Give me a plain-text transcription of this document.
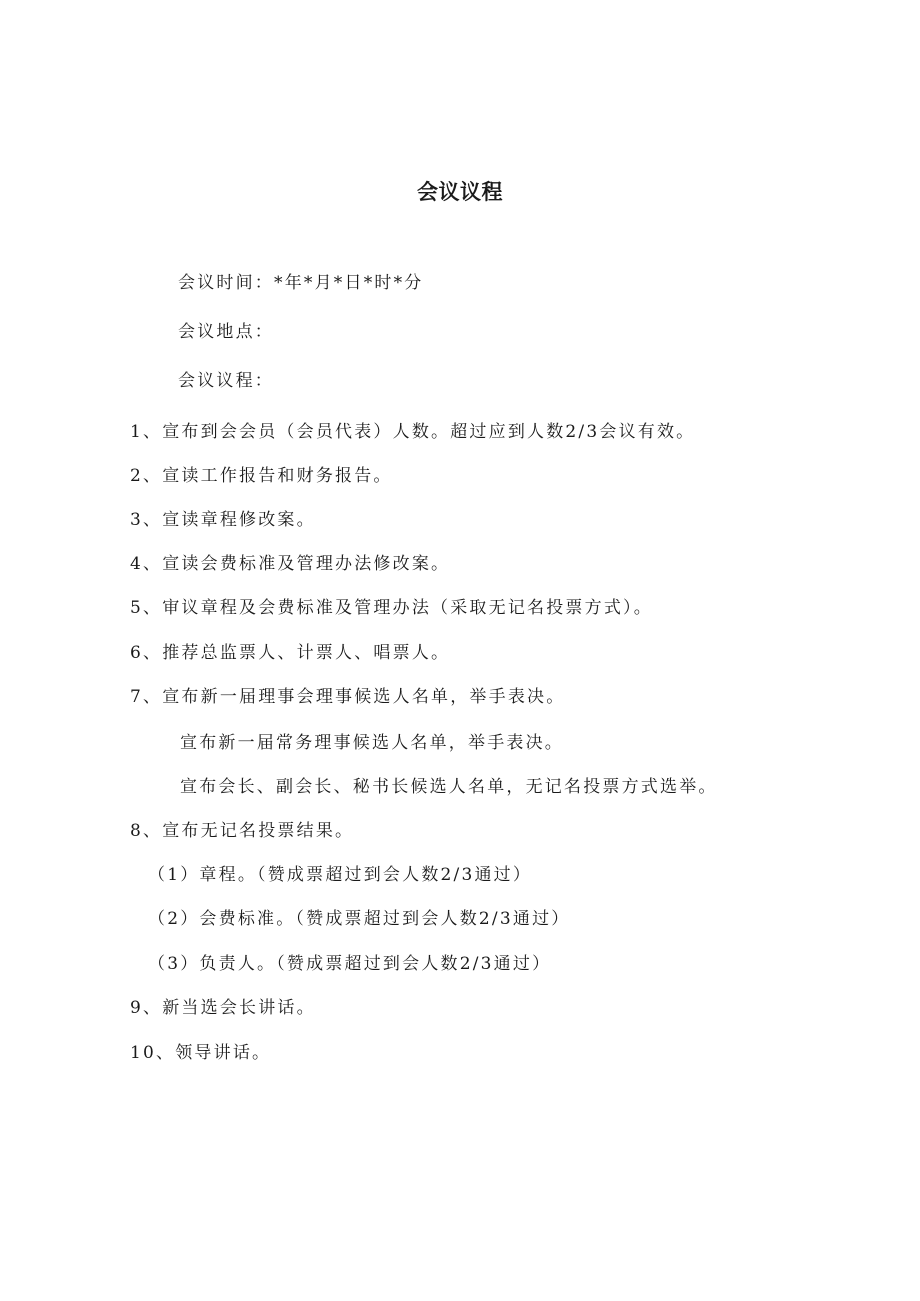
会议议程
会议时间：*年*月*日*时*分
会议地点：
会议议程：
1、宣布到会会员（会员代表）人数。超过应到人数2/3会议有效。
2、宣读工作报告和财务报告。
3、宣读章程修改案。
4、宣读会费标准及管理办法修改案。
5、审议章程及会费标准及管理办法（采取无记名投票方式）。
6、推荐总监票人、计票人、唱票人。
7、宣布新一届理事会理事候选人名单，举手表决。
宣布新一届常务理事候选人名单，举手表决。
宣布会长、副会长、秘书长候选人名单，无记名投票方式选举。
8、宣布无记名投票结果。
（1）章程。（赞成票超过到会人数2/3通过）
（2）会费标准。（赞成票超过到会人数2/3通过）
（3）负责人。（赞成票超过到会人数2/3通过）
9、新当选会长讲话。
10、领导讲话。
